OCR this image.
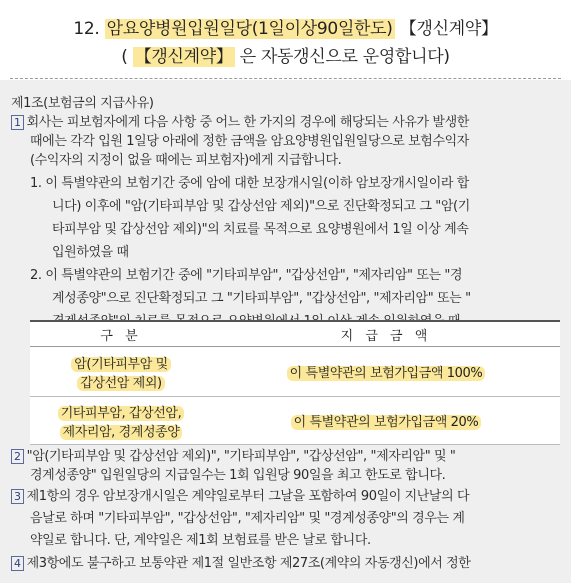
12. 암요양병원입원일당(1일이상90일한도) 【갱신계약】
( 【갱신계약】 은 자동갱신으로 운영합니다)
제1조(보험금의 지급사유)
1 회사는 피보험자에게 다음 사항 중 어느 한 가지의 경우에 해당되는 사유가 발생한
때에는 각각 입원 1일당 아래에 정한 금액을 암요양병원입원일당으로 보험수익자
(수익자의 지정이 없을 때에는 피보험자)에게 지급합니다.
1. 이 특별약관의 보험기간 중에 암에 대한 보장개시일(이하 암보장개시일이라 합
니다) 이후에 "암(기타피부암 및 갑상선암 제외)"으로 진단확정되고 그 "암(기
타피부암 및 갑상선암 제외)"의 치료를 목적으로 요양병원에서 1일 이상 계속
입원하였을 때
2. 이 특별약관의 보험기간 중에 "기타피부암", "갑상선암", "제자리암" 또는 "경
계성종양"으로 진단확정되고 그 "기타피부암", "갑상선암", "제자리암" 또는 "
구 분	지 급 금 액
암(기타피부암 및
갑상선암 제외)	이 특별약관의 보험가입금액 100%
기타피부암, 갑상선암,
제자리암, 경계성종양	이 특별약관의 보험가입금액 20%
2 "암(기타피부암 및 갑상선암 제외)", "기타피부암", "갑상선암", "제자리암" 및 "
경계성종양" 입원일당의 지급일수는 1회 입원당 90일을 최고 한도로 합니다.
3 제1항의 경우 암보장개시일은 계약일로부터 그날을 포함하여 90일이 지난날의 다
음날로 하며 "기타피부암", "갑상선암", "제자리암" 및 "경계성종양"의 경우는 계
약일로 합니다. 단, 계약일은 제1회 보험료를 받은 날로 합니다.
4 제3항에도 불구하고 보통약관 제1절 일반조항 제27조(계약의 자동갱신)에서 정한
